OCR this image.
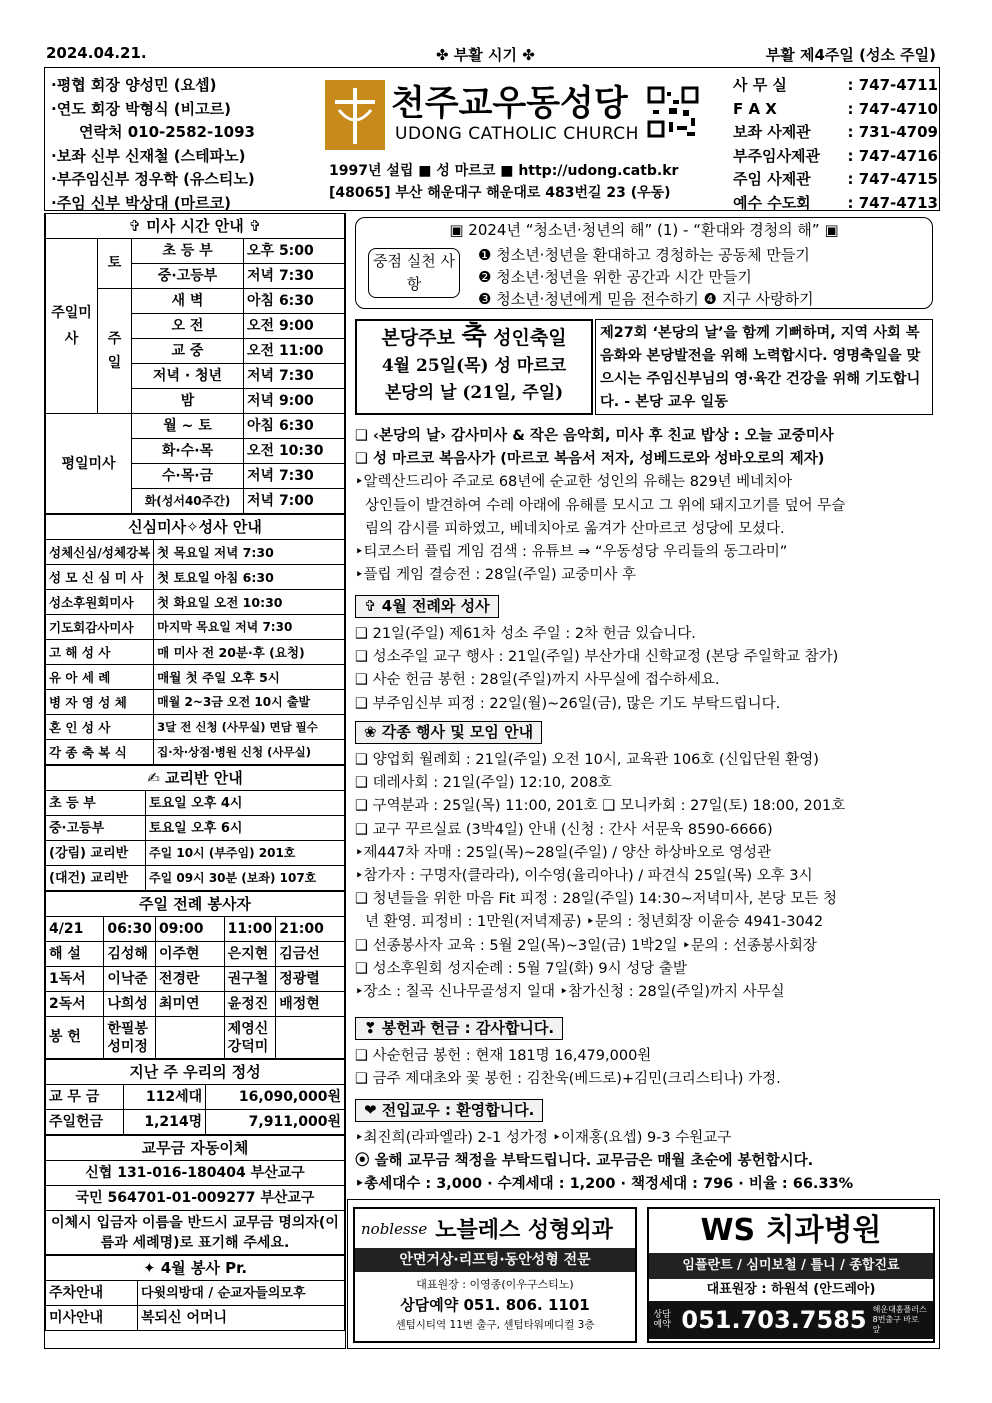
2024.04.21.	✤ 부활 시기 ✤	부활 제4주일 (성소 주일)
·평협 회장 양성민 (요셉)
·연도 회장 박형식 (비고르)
연락처 010-2582-1093
·보좌 신부 신재철 (스테파노)
·부주임신부 정우학 (유스티노)
·주임 신부 박상대 (마르코)
천주교우동성당
UDONG CATHOLIC CHURCH
1997년 설립 ■ 성 마르코 ■ http://udong.catb.kr
[48065] 부산 해운대구 해운대로 483번길 23 (우동)
사 무 실	: 747-4711
F A X	: 747-4710
보좌 사제관 : 731-4709
부주임사제관 : 747-4716
주임 사제관 : 747-4715
예수 수도회 : 747-4713
✞ 미사 시간 안내 ✞			
주일미사	토	초 등 부	오후 5:00
		중·고등부	저녁 7:30
	주일	새 벽	아침 6:30
		오 전	오전 9:00
		교 중	오전 11:00
		저녁 · 청년	저녁 7:30
		밤	저녁 9:00
평일미사		월 ~ 토	아침 6:30
		화·수·목	오전 10:30
		수·목·금	저녁 7:30
		화(성서40주간)	저녁 7:00
신심미사✧성사 안내	
성체신심/성체강복	첫 목요일 저녁 7:30
성 모 신 심 미 사	첫 토요일 아침 6:30
성소후원회미사	첫 화요일 오전 10:30
기도회감사미사	마지막 목요일 저녁 7:30
고 해 성 사	매 미사 전 20분·후 (요청)
유 아 세 례	매월 첫 주일 오후 5시
병 자 영 성 체	매월 2~3금 오전 10시 출발
혼 인 성 사	3달 전 신청 (사무실) 면담 필수
각 종 축 복 식	집·차·상점·병원 신청 (사무실)
✍ 교리반 안내	
초 등 부	토요일 오후 4시
중·고등부	토요일 오후 6시
(강림) 교리반	주일 10시 (부주임) 201호
(대건) 교리반	주일 09시 30분 (보좌) 107호
주일 전례 봉사자				
4/21	06:30	09:00	11:00	21:00
해 설	김성해	이주현	은지현	김금선
1독서	이낙준	전경란	권구철	정광렬
2독서	나희성	최미연	윤정진	배정현
봉 헌	한필봉 성미정		제영신 강덕미	
지난 주 우리의 정성		
교 무 금	112세대	16,090,000원
주일헌금	1,214명	7,911,000원
교무금 자동이체
신협 131-016-180404 부산교구
국민 564701-01-009277 부산교구
이체시 입금자 이름을 반드시 교무금 명의자(이름과 세례명)로 표기해 주세요.
✦ 4월 봉사 Pr.	
주차안내	다윗의방대 / 순교자들의모후
미사안내	복되신 어머니
▣ 2024년 “청소년·청년의 해” (1) - “환대와 경청의 해” ▣
중점 실천 사항
❶ 청소년·청년을 환대하고 경청하는 공동체 만들기
❷ 청소년·청년을 위한 공간과 시간 만들기
❸ 청소년·청년에게 믿음 전수하기 ❹ 지구 사랑하기
본당주보 축 성인축일
4월 25일(목) 성 마르코
본당의 날 (21일, 주일)
제27회 ‘본당의 날’을 함께 기뻐하며, 지역 사회 복음화와 본당발전을 위해 노력합시다. 영명축일을 맞으시는 주임신부님의 영·육간 건강을 위해 기도합니다. - 본당 교우 일동
❑ ‹본당의 날› 감사미사 & 작은 음악회, 미사 후 친교 밥상 : 오늘 교중미사
❑ 성 마르코 복음사가 (마르코 복음서 저자, 성베드로와 성바오로의 제자)
‣알렉산드리아 주교로 68년에 순교한 성인의 유해는 829년 베네치아
상인들이 발견하여 수레 아래에 유해를 모시고 그 위에 돼지고기를 덮어 무슬
림의 감시를 피하였고, 베네치아로 옮겨가 산마르코 성당에 모셨다.
‣티코스터 플립 게임 검색 : 유튜브 ⇒ “우동성당 우리들의 동그라미”
‣플립 게임 결승전 : 28일(주일) 교중미사 후
✞ 4월 전례와 성사
❑ 21일(주일) 제61차 성소 주일 : 2차 헌금 있습니다.
❑ 성소주일 교구 행사 : 21일(주일) 부산가대 신학교정 (본당 주일학교 참가)
❑ 사순 헌금 봉헌 : 28일(주일)까지 사무실에 접수하세요.
❑ 부주임신부 피정 : 22일(월)~26일(금), 많은 기도 부탁드립니다.
❀ 각종 행사 및 모임 안내
❑ 양업회 월례회 : 21일(주일) 오전 10시, 교육관 106호 (신입단원 환영)
❑ 데레사회 : 21일(주일) 12:10, 208호
❑ 구역분과 : 25일(목) 11:00, 201호 ❑ 모니카회 : 27일(토) 18:00, 201호
❑ 교구 꾸르실료 (3박4일) 안내 (신청 : 간사 서문욱 8590-6666)
‣제447차 자매 : 25일(목)~28일(주일) / 양산 하상바오로 영성관
‣참가자 : 구명자(클라라), 이수영(율리아나) / 파견식 25일(목) 오후 3시
❑ 청년들을 위한 마음 Fit 피정 : 28일(주일) 14:30~저녁미사, 본당 모든 청
년 환영. 피정비 : 1만원(저녁제공) ‣문의 : 청년회장 이윤승 4941-3042
❑ 선종봉사자 교육 : 5월 2일(목)~3일(금) 1박2일 ‣문의 : 선종봉사회장
❑ 성소후원회 성지순례 : 5월 7일(화) 9시 성당 출발
‣장소 : 칠곡 신나무골성지 일대 ‣참가신청 : 28일(주일)까지 사무실
❣ 봉헌과 헌금 : 감사합니다.
❑ 사순헌금 봉헌 : 현재 181명 16,479,000원
❑ 금주 제대초와 꽃 봉헌 : 김찬욱(베드로)+김민(크리스티나) 가정.
❤ 전입교우 : 환영합니다.
‣최진희(라파엘라) 2-1 성가정 ‣이재홍(요셉) 9-3 수원교구
⦿ 올해 교무금 책정을 부탁드립니다. 교무금은 매월 초순에 봉헌합시다.
‣총세대수 : 3,000 · 수계세대 : 1,200 · 책정세대 : 796 · 비율 : 66.33%
noblesse 노블레스 성형외과
안면거상·리프팅·동안성형 전문
대표원장 : 이영종(이우구스티노)
상담예약 051. 806. 1101
센텀시티역 11번 출구, 센텀타워메디컬 3층
WS 치과병원
임플란트 / 심미보철 / 틀니 / 종합진료
대표원장 : 하원석 (안드레아)
상담예약 051.703.7585 해운대홈플러스 8번출구 바로 앞
